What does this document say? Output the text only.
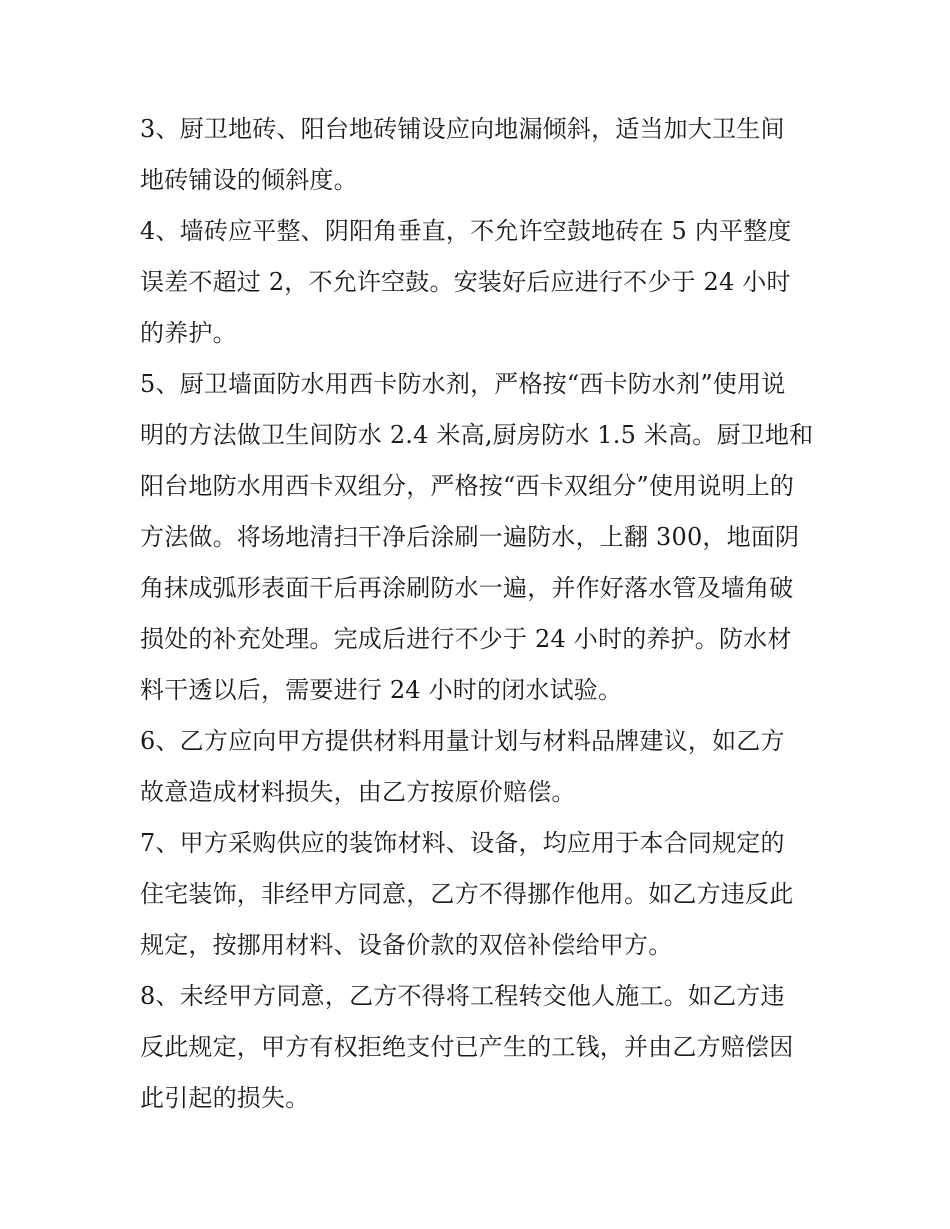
3、厨卫地砖、阳台地砖铺设应向地漏倾斜，适当加大卫生间
地砖铺设的倾斜度。
4、墙砖应平整、阴阳角垂直，不允许空鼓地砖在 5 内平整度
误差不超过 2，不允许空鼓。安装好后应进行不少于 24 小时
的养护。
5、厨卫墙面防水用西卡防水剂，严格按“西卡防水剂”使用说
明的方法做卫生间防水 2.4 米高,厨房防水 1.5 米高。厨卫地和
阳台地防水用西卡双组分，严格按“西卡双组分”使用说明上的
方法做。将场地清扫干净后涂刷一遍防水，上翻 300，地面阴
角抹成弧形表面干后再涂刷防水一遍，并作好落水管及墙角破
损处的补充处理。完成后进行不少于 24 小时的养护。防水材
料干透以后，需要进行 24 小时的闭水试验。
6、乙方应向甲方提供材料用量计划与材料品牌建议，如乙方
故意造成材料损失，由乙方按原价赔偿。
7、甲方采购供应的装饰材料、设备，均应用于本合同规定的
住宅装饰，非经甲方同意，乙方不得挪作他用。如乙方违反此
规定，按挪用材料、设备价款的双倍补偿给甲方。
8、未经甲方同意，乙方不得将工程转交他人施工。如乙方违
反此规定，甲方有权拒绝支付已产生的工钱，并由乙方赔偿因
此引起的损失。
